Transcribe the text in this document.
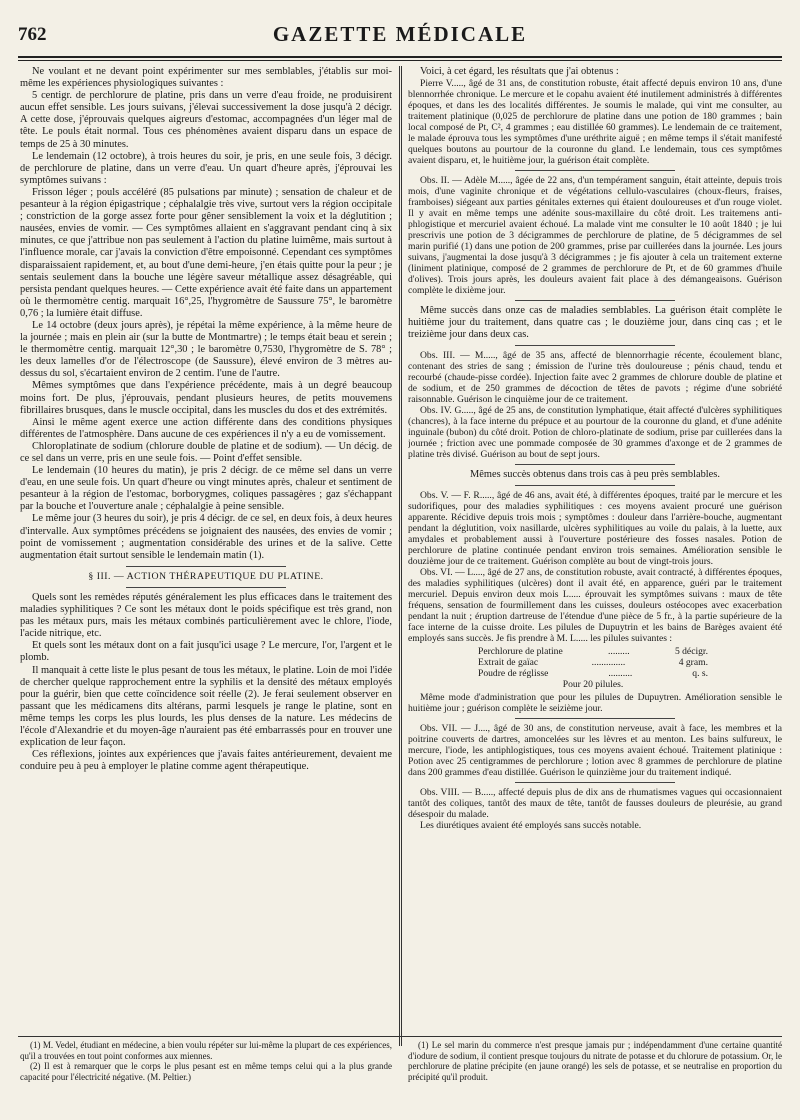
762	GAZETTE MÉDICALE

Ne voulant et ne devant point expérimenter sur mes semblables, j'établis sur moi-même les expériences physiologiques suivantes :

5 centigr. de perchlorure de platine, pris dans un verre d'eau froide, ne produisirent aucun effet sensible. Les jours suivans, j'élevai successivement la dose jusqu'à 2 décigr. A cette dose, j'éprouvais quelques aigreurs d'estomac, accompagnées d'un léger mal de tête. Le pouls était normal. Tous ces phénomènes avaient disparu dans un espace de temps de 25 à 30 minutes.

Le lendemain (12 octobre), à trois heures du soir, je pris, en une seule fois, 3 décigr. de perchlorure de platine, dans un verre d'eau. Un quart d'heure après, j'éprouvai les symptômes suivans :

Frisson léger ; pouls accéléré (85 pulsations par minute) ; sensation de chaleur et de pesanteur à la région épigastrique ; céphalalgie très vive, surtout vers la région occipitale ; constriction de la gorge assez forte pour gêner sensiblement la voix et la déglutition ; nausées, envies de vomir. — Ces symptômes allaient en s'aggravant pendant cinq à six minutes, ce que j'attribue non pas seulement à l'action du platine luimême, mais surtout à l'influence morale, car j'avais la conviction d'être empoisonné. Cependant ces symptômes disparaissaient rapidement, et, au bout d'une demi-heure, j'en étais quitte pour la peur ; je sentais seulement dans la bouche une légère saveur métallique assez désagréable, qui persista pendant quelques heures. — Cette expérience avait été faite dans un appartement où le thermomètre centig. marquait 16°,25, l'hygromètre de Saussure 75°, le baromètre 0,76 ; la lumière était diffuse.

Le 14 octobre (deux jours après), je répétai la même expérience, à la même heure de la journée ; mais en plein air (sur la butte de Montmartre) ; le temps était beau et serein ; le thermomètre centig. marquait 12°,30 ; le baromètre 0,7530, l'hygromètre de S. 78° ; les deux lamelles d'or de l'électroscope (de Saussure), élevé environ de 3 mètres au-dessus du sol, s'écartaient environ de 2 centim. l'une de l'autre.

Mêmes symptômes que dans l'expérience précédente, mais à un degré beaucoup moins fort. De plus, j'éprouvais, pendant plusieurs heures, de petits mouvemens fibrillaires brusques, dans le muscle occipital, dans les muscles du dos et des extrémités.

Ainsi le même agent exerce une action différente dans des conditions physiques différentes de l'atmosphère. Dans aucune de ces expériences il n'y a eu de vomissement.

Chloroplatinate de sodium (chlorure double de platine et de sodium). — Un décig. de ce sel dans un verre, pris en une seule fois. — Point d'effet sensible.

Le lendemain (10 heures du matin), je pris 2 décigr. de ce même sel dans un verre d'eau, en une seule fois. Un quart d'heure ou vingt minutes après, chaleur et sentiment de pesanteur à la région de l'estomac, borborygmes, coliques passagères ; gaz s'échappant par la bouche et l'ouverture anale ; céphalalgie à peine sensible.

Le même jour (3 heures du soir), je pris 4 décigr. de ce sel, en deux fois, à deux heures d'intervalle. Aux symptômes précédens se joignaient des nausées, des envies de vomir ; point de vomissement ; augmentation considérable des urines et de la salive. Cette augmentation était surtout sensible le lendemain matin (1).

§ III. — ACTION THÉRAPEUTIQUE DU PLATINE.

Quels sont les remèdes réputés généralement les plus efficaces dans le traitement des maladies syphilitiques ? Ce sont les métaux dont le poids spécifique est très grand, non pas les métaux purs, mais les métaux combinés particulièrement avec le chlore, l'iode, l'acide nitrique, etc.

Et quels sont les métaux dont on a fait jusqu'ici usage ? Le mercure, l'or, l'argent et le plomb.

Il manquait à cette liste le plus pesant de tous les métaux, le platine. Loin de moi l'idée de chercher quelque rapprochement entre la syphilis et la densité des métaux employés pour la guérir, bien que cette coïncidence soit réelle (2). Je ferai seulement observer en passant que les médicamens dits altérans, parmi lesquels je range le platine, sont en même temps les corps les plus lourds, les plus denses de la nature. Les médecins de l'école d'Alexandrie et du moyen-âge n'auraient pas été embarrassés pour en trouver une explication de leur façon.

Ces réflexions, jointes aux expériences que j'avais faites antérieurement, devaient me conduire peu à peu à employer le platine comme agent thérapeutique.

Voici, à cet égard, les résultats que j'ai obtenus :

Pierre V....., âgé de 31 ans, de constitution robuste, était affecté depuis environ 10 ans, d'une blennorrhée chronique. Le mercure et le copahu avaient été inutilement administrés à différentes époques, et dans les des localités différentes. Je soumis le malade, qui vint me consulter, au traitement platinique (0,025 de perchlorure de platine dans une potion de 180 grammes ; bain local composé de Pt, C², 4 grammes ; eau distillée 60 grammes). Le lendemain de ce traitement, le malade éprouva tous les symptômes d'une uréthrite aiguë ; en même temps il s'était manifesté quelques boutons au pourtour de la couronne du gland. Le lendemain, tous ces symptômes avaient disparu, et, le huitième jour, la guérison était complète.

Obs. II. — Adèle M....., âgée de 22 ans, d'un tempérament sanguin, était atteinte, depuis trois mois, d'une vaginite chronique et de végétations cellulo-vasculaires (choux-fleurs, fraises, framboises) siégeant aux parties génitales externes qui étaient douloureuses et d'un rouge violet. Il y avait en même temps une adénite sous-maxillaire du côté droit. Les traitemens anti-phlogistique et mercuriel avaient échoué. La malade vint me consulter le 10 août 1840 ; je lui prescrivis une potion de 3 décigrammes de perchlorure de platine, de 5 décigrammes de sel marin purifié (1) dans une potion de 200 grammes, prise par cuillerées dans la journée. Les jours suivans, j'augmentai la dose jusqu'à 3 décigrammes ; je fis ajouter à cela un traitement externe (liniment platinique, composé de 2 grammes de perchlorure de Pt, et de 60 grammes d'huile d'olives). Trois jours après, les douleurs avaient fait place à des démangeaisons. Guérison complète le dixième jour.

Même succès dans onze cas de maladies semblables. La guérison était complète le huitième jour du traitement, dans quatre cas ; le douzième jour, dans cinq cas ; et le treizième jour dans deux cas.

Obs. III. — M....., âgé de 35 ans, affecté de blennorrhagie récente, écoulement blanc, contenant des stries de sang ; émission de l'urine très douloureuse ; pénis chaud, tendu et recourbé (chaude-pisse cordée). Injection faite avec 2 grammes de chlorure double de platine et de sodium, et de 250 grammes de décoction de têtes de pavots ; régime d'une sobriété raisonnable. Guérison le cinquième jour de ce traitement.

Obs. IV. G....., âgé de 25 ans, de constitution lymphatique, était affecté d'ulcères syphilitiques (chancres), à la face interne du prépuce et au pourtour de la couronne du gland, et d'une adénite inguinale (bubon) du côté droit. Potion de chloro-platinate de sodium, prise par cuillerées dans la journée ; friction avec une pommade composée de 30 grammes d'axonge et de 2 grammes de platine très divisé. Guérison au bout de sept jours.

Mêmes succès obtenus dans trois cas à peu près semblables.

Obs. V. — F. R....., âgé de 46 ans, avait été, à différentes époques, traité par le mercure et les sudorifiques, pour des maladies syphilitiques : ces moyens avaient procuré une guérison apparente. Récidive depuis trois mois ; symptômes : douleur dans l'arrière-bouche, augmentant pendant la déglutition, voix nasillarde, ulcères syphilitiques au voile du palais, à la luette, aux amydales et probablement aussi à l'ouverture postérieure des fosses nasales. Potion de perchlorure de platine continuée pendant environ trois semaines. Amélioration sensible le douzième jour de ce traitement. Guérison complète au bout de vingt-trois jours.

Obs. VI. — L...., âgé de 27 ans, de constitution robuste, avait contracté, à différentes époques, des maladies syphilitiques (ulcères) dont il avait été, en apparence, guéri par le traitement mercuriel. Depuis environ deux mois L..... éprouvait les symptômes suivans : maux de tête fréquens, sensation de fourmillement dans les cuisses, douleurs ostéocopes avec exacerbation pendant la nuit ; éruption dartreuse de l'étendue d'une pièce de 5 fr., à la partie supérieure de la face interne de la cuisse droite. Les pilules de Dupuytrin et les bains de Barèges avaient été employés sans succès. Je fis prendre à M. L..... les pilules suivantes :

Perchlorure de platine	.........	5 décigr.
Extrait de gaïac	..............	4 gram.
Poudre de réglisse	..........	q. s.
Pour 20 pilules.

Même mode d'administration que pour les pilules de Dupuytren. Amélioration sensible le huitième jour ; guérison complète le seizième jour.

Obs. VII. — J...., âgé de 30 ans, de constitution nerveuse, avait à face, les membres et la poitrine couverts de dartres, amoncelées sur les lèvres et au menton. Les bains sulfureux, le mercure, l'iode, les antiphlogistiques, tous ces moyens avaient échoué. Traitement platinique : Potion avec 25 centigrammes de perchlorure ; lotion avec 8 grammes de perchlorure de platine dans 200 grammes d'eau distillée. Guérison le quinzième jour du traitement indiqué.

Obs. VIII. — B....., affecté depuis plus de dix ans de rhumatismes vagues qui occasionnaient tantôt des coliques, tantôt des maux de tête, tantôt de fausses douleurs de pleurésie, au grand désespoir du malade.

Les diurétiques avaient été employés sans succès notable.

(1) M. Vedel, étudiant en médecine, a bien voulu répéter sur lui-même la plupart de ces expériences, qu'il a trouvées en tout point conformes aux miennes.

(2) Il est à remarquer que le corps le plus pesant est en même temps celui qui a la plus grande capacité pour l'électricité négative. (M. Peltier.)

(1) Le sel marin du commerce n'est presque jamais pur ; indépendamment d'une certaine quantité d'iodure de sodium, il contient presque toujours du nitrate de potasse et du chlorure de potassium. Or, le perchlorure de platine précipite (en jaune orangé) les sels de potasse, et se neutralise en proportion du précipité qu'il produit.
